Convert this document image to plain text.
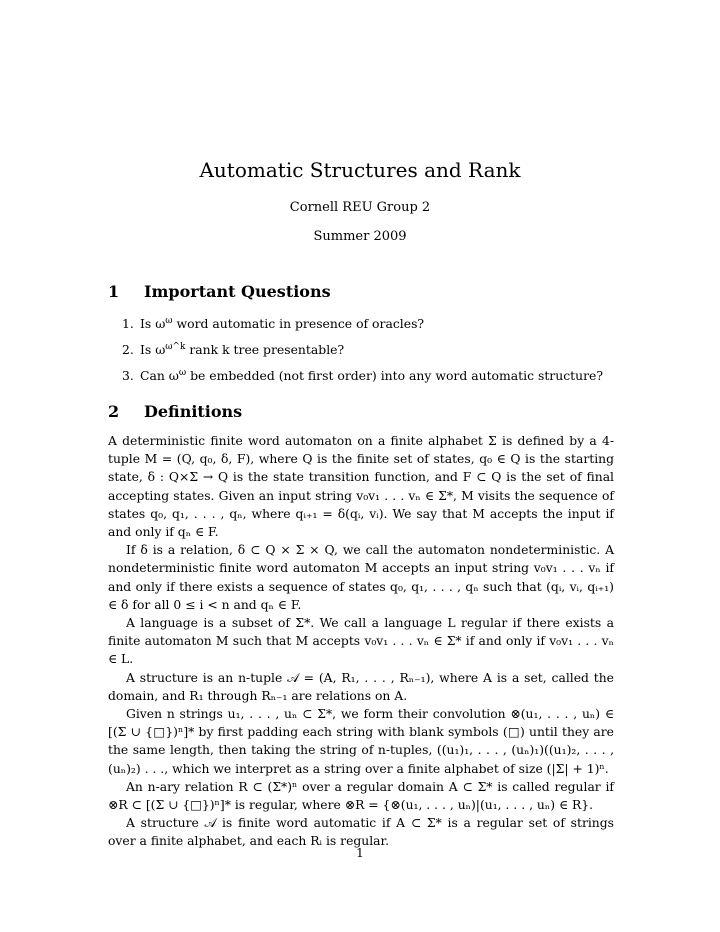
Automatic Structures and Rank
Cornell REU Group 2
Summer 2009
1 Important Questions
1. Is $\omega^\omega$ word automatic in presence of oracles?
2. Is $\omega^{\omega\^{}k}$ rank k tree presentable?
3. Can $\omega^\omega$ be embedded (not first order) into any word automatic structure?
2 Definitions

A deterministic finite word automaton on a finite alphabet Σ is defined by a 4-tuple M = (Q, q₀, δ, F), where Q is the finite set of states, q₀ ∈ Q is the starting state, δ : Q×Σ → Q is the state transition function, and F ⊂ Q is the set of final accepting states. Given an input string v₀v₁ . . . vₙ ∈ Σ*, M visits the sequence of states q₀, q₁, . . . , qₙ, where qᵢ₊₁ = δ(qᵢ, vᵢ). We say that M accepts the input if and only if qₙ ∈ F.

If δ is a relation, δ ⊂ Q × Σ × Q, we call the automaton nondeterministic. A nondeterministic finite word automaton M accepts an input string v₀v₁ . . . vₙ if and only if there exists a sequence of states q₀, q₁, . . . , qₙ such that (qᵢ, vᵢ, qᵢ₊₁) ∈ δ for all 0 ≤ i < n and qₙ ∈ F.

A language is a subset of Σ*. We call a language L regular if there exists a finite automaton M such that M accepts v₀v₁ . . . vₙ ∈ Σ* if and only if v₀v₁ . . . vₙ ∈ L.

A structure is an n-tuple 𝒜 = (A, R₁, . . . , Rₙ₋₁), where A is a set, called the domain, and R₁ through Rₙ₋₁ are relations on A.

Given n strings u₁, . . . , uₙ ⊂ Σ*, we form their convolution ⊗(u₁, . . . , uₙ) ∈ [(Σ ∪ {□})ⁿ]* by first padding each string with blank symbols (□) until they are the same length, then taking the string of n-tuples, ((u₁)₁, . . . , (uₙ)₁)((u₁)₂, . . . , (uₙ)₂) . . ., which we interpret as a string over a finite alphabet of size (|Σ| + 1)ⁿ.

An n-ary relation R ⊂ (Σ*)ⁿ over a regular domain A ⊂ Σ* is called regular if ⊗R ⊂ [(Σ ∪ {□})ⁿ]* is regular, where ⊗R = {⊗(u₁, . . . , uₙ)|(u₁, . . . , uₙ) ∈ R}.

A structure 𝒜 is finite word automatic if A ⊂ Σ* is a regular set of strings over a finite alphabet, and each Rᵢ is regular.

1
